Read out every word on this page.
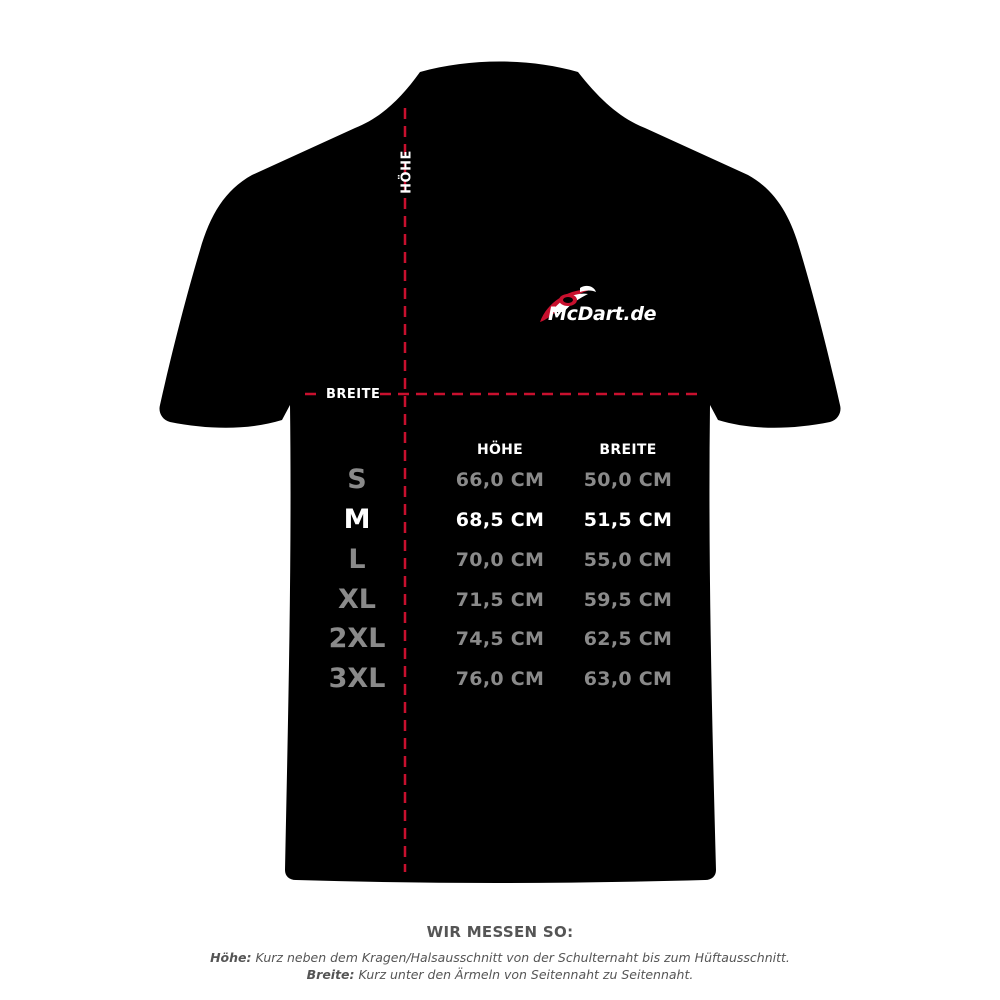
HÖHE
BREITE
McDart.de
HÖHE	BREITE
S	66,0 CM 50,0 CM
M	68,5 CM 51,5 CM
L	70,0 CM 55,0 CM
XL	71,5 CM 59,5 CM
2XL	74,5 CM 62,5 CM
3XL	76,0 CM 63,0 CM
WIR MESSEN SO:
Höhe: Kurz neben dem Kragen/Halsausschnitt von der Schulternaht bis zum Hüftausschnitt.
Breite: Kurz unter den Ärmeln von Seitennaht zu Seitennaht.
